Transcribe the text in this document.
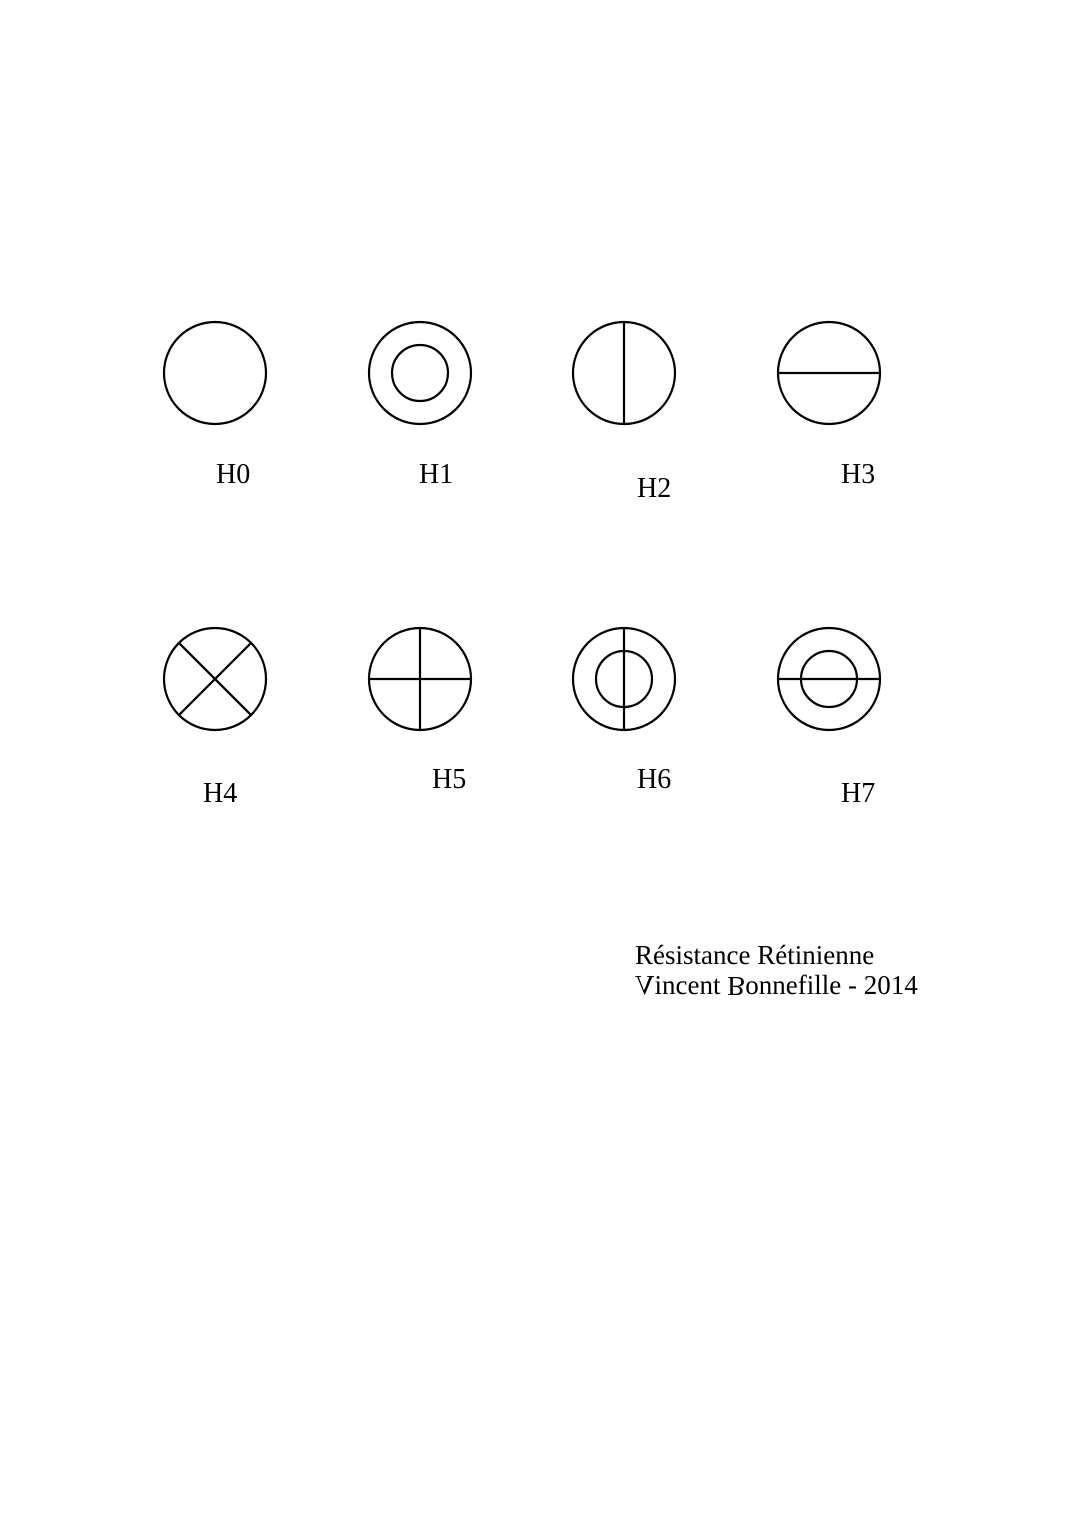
H0	H1	H2	H3
H4	H5	H6	H7
Résistance Rétinienne
Vincent Bonnefille - 2014
